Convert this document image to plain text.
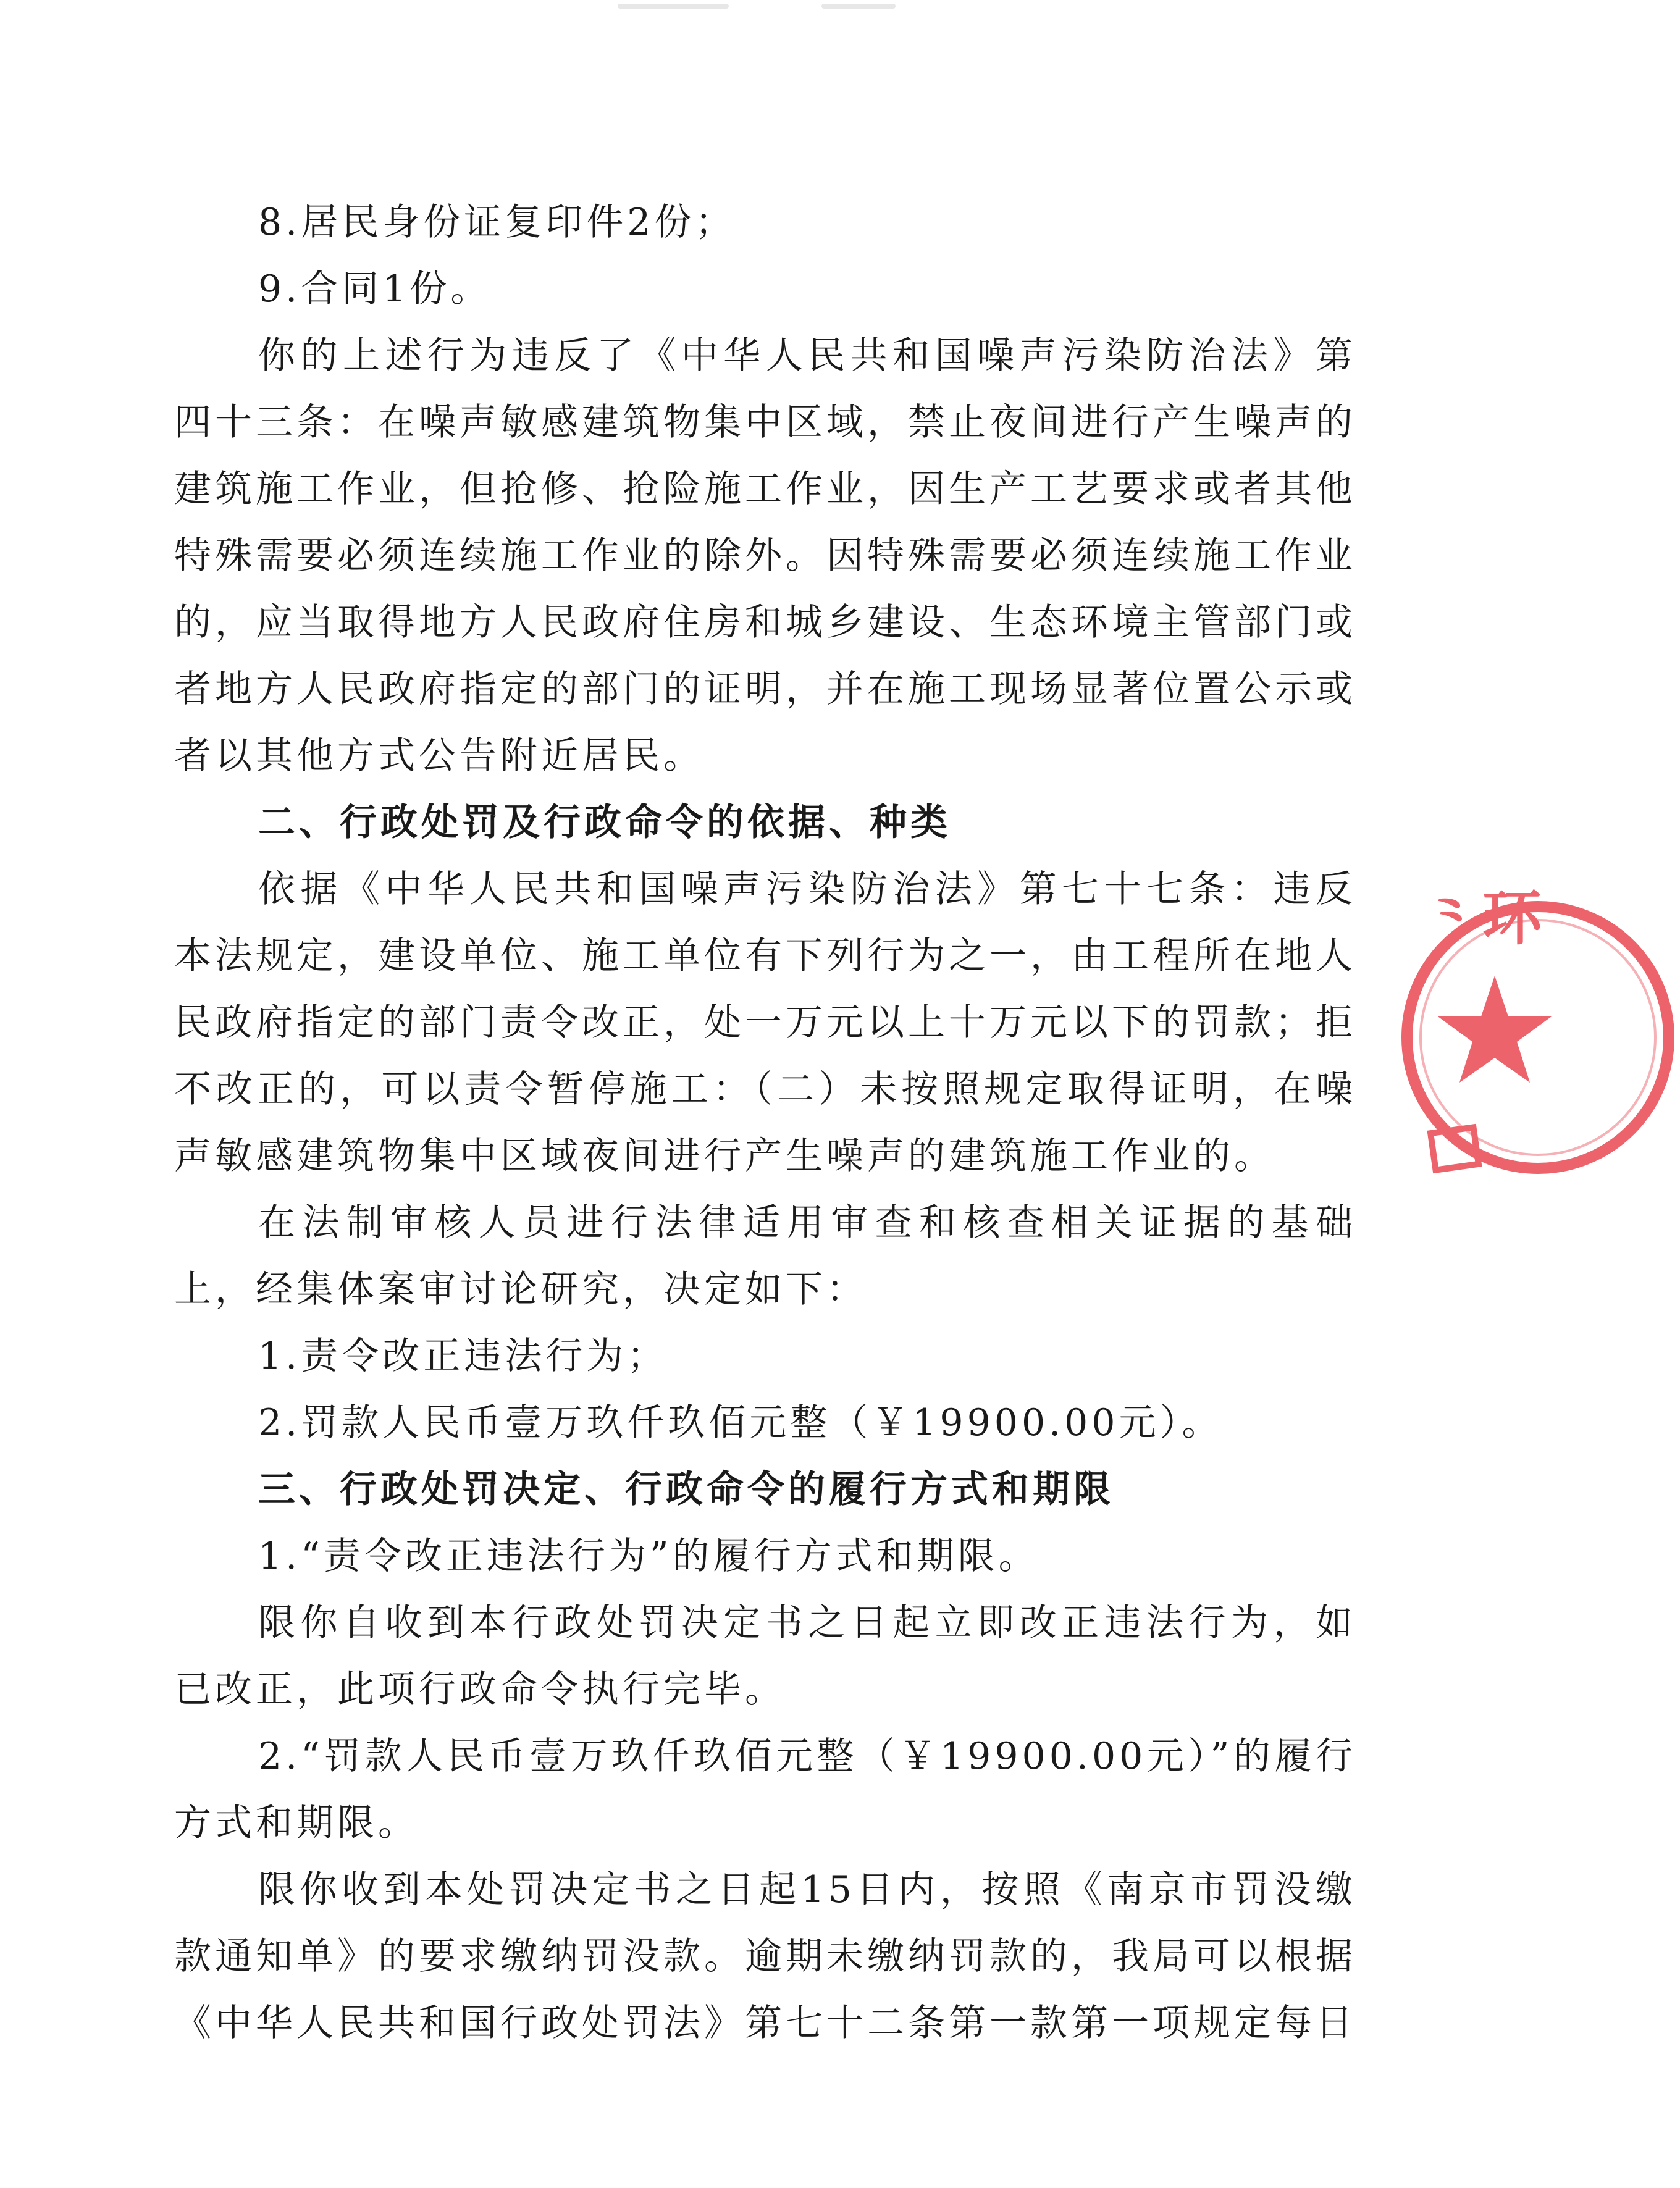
8.居民身份证复印件2份；

9.合同1份。

你的上述行为违反了《中华人民共和国噪声污染防治法》第四十三条：在噪声敏感建筑物集中区域，禁止夜间进行产生噪声的建筑施工作业，但抢修、抢险施工作业，因生产工艺要求或者其他特殊需要必须连续施工作业的除外。因特殊需要必须连续施工作业的，应当取得地方人民政府住房和城乡建设、生态环境主管部门或者地方人民政府指定的部门的证明，并在施工现场显著位置公示或者以其他方式公告附近居民。

二、行政处罚及行政命令的依据、种类

依据《中华人民共和国噪声污染防治法》第七十七条：违反本法规定，建设单位、施工单位有下列行为之一，由工程所在地人民政府指定的部门责令改正，处一万元以上十万元以下的罚款；拒不改正的，可以责令暂停施工：（二）未按照规定取得证明，在噪声敏感建筑物集中区域夜间进行产生噪声的建筑施工作业的。

在法制审核人员进行法律适用审查和核查相关证据的基础上，经集体案审讨论研究，决定如下：

1.责令改正违法行为；

2.罚款人民币壹万玖仟玖佰元整（￥19900.00元）。

三、行政处罚决定、行政命令的履行方式和期限

1.“责令改正违法行为”的履行方式和期限。

限你自收到本行政处罚决定书之日起立即改正违法行为，如已改正，此项行政命令执行完毕。

2.“罚款人民币壹万玖仟玖佰元整（￥19900.00元）”的履行方式和期限。

限你收到本处罚决定书之日起15日内，按照《南京市罚没缴款通知单》的要求缴纳罚没款。逾期未缴纳罚款的，我局可以根据《中华人民共和国行政处罚法》第七十二条第一款第一项规定每日

⺀
环
